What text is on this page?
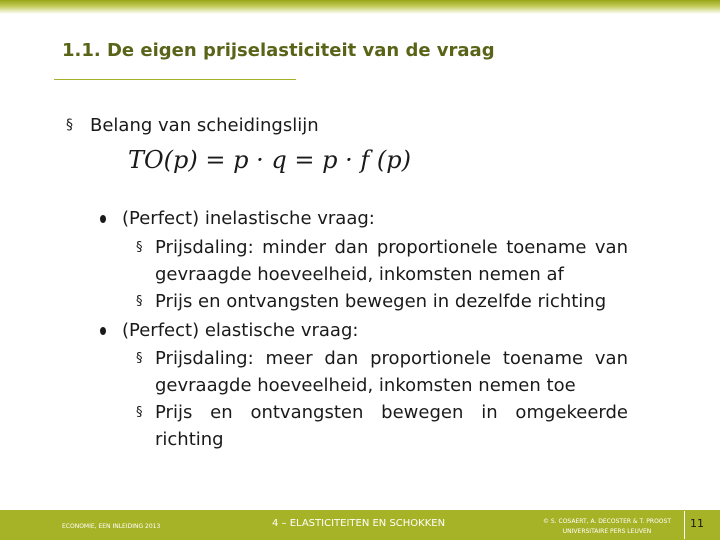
1.1. De eigen prijselasticiteit van de vraag
§ Belang van scheidingslijn
TO(p) = p · q = p · f (p)
(Perfect) inelastische vraag:
§ Prijsdaling: minder dan proportionele toename van gevraagde hoeveelheid, inkomsten nemen af
§ Prijs en ontvangsten bewegen in dezelfde richting
(Perfect) elastische vraag:
§ Prijsdaling: meer dan proportionele toename van gevraagde hoeveelheid, inkomsten nemen toe
§ Prijs en ontvangsten bewegen in omgekeerde richting
ECONOMIE, EEN INLEIDING 2013	4 – ELASTICITEITEN EN SCHOKKEN	© S. COSAERT, A. DECOSTER & T. PROOST
UNIVERSITAIRE PERS LEUVEN
11
